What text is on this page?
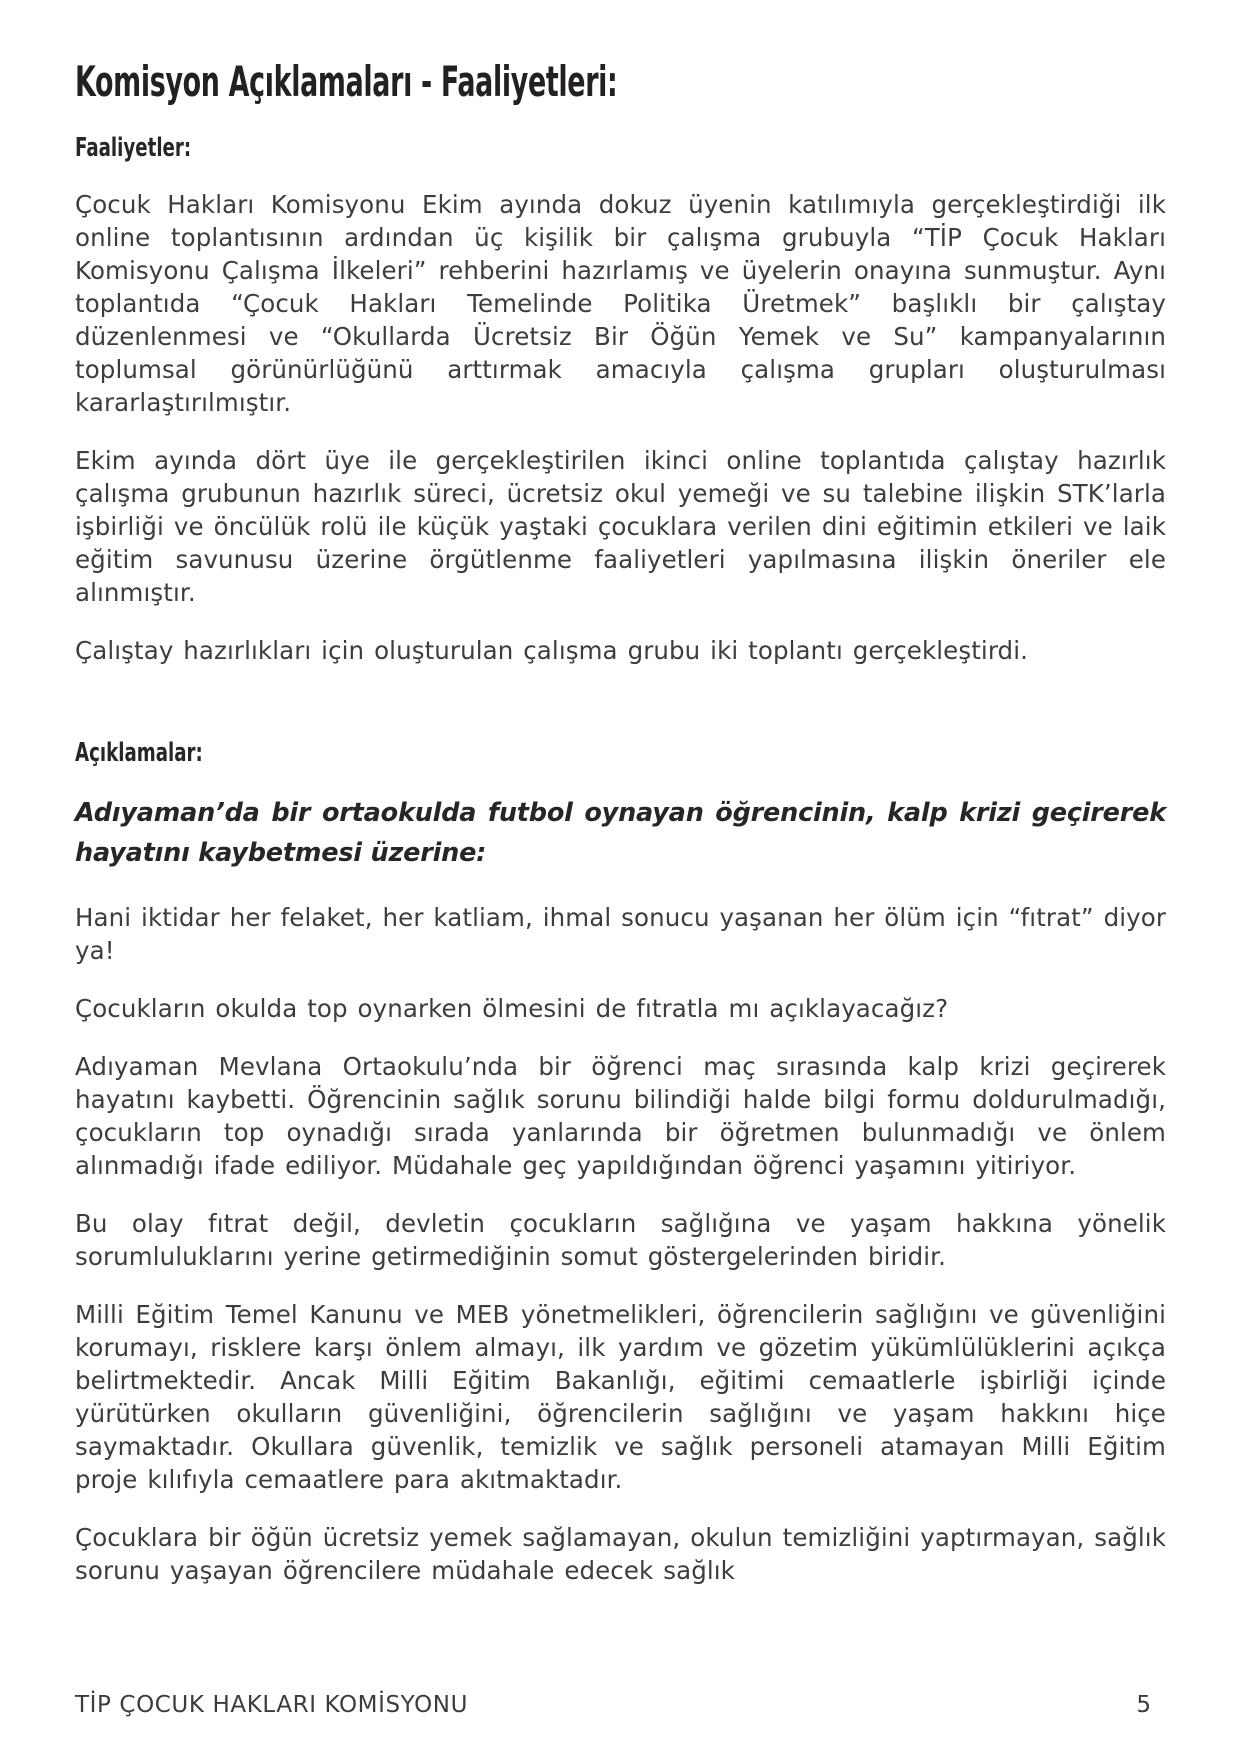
Komisyon Açıklamaları - Faaliyetleri:
Faaliyetler:

Çocuk Hakları Komisyonu Ekim ayında dokuz üyenin katılımıyla gerçekleştirdiği ilk online toplantısının ardından üç kişilik bir çalışma grubuyla “TİP Çocuk Hakları Komisyonu Çalışma İlkeleri” rehberini hazırlamış ve üyelerin onayına sunmuştur. Aynı toplantıda “Çocuk Hakları Temelinde Politika Üretmek” başlıklı bir çalıştay düzenlenmesi ve “Okullarda Ücretsiz Bir Öğün Yemek ve Su” kampanyalarının toplumsal görünürlüğünü arttırmak amacıyla çalışma grupları oluşturulması kararlaştırılmıştır.

Ekim ayında dört üye ile gerçekleştirilen ikinci online toplantıda çalıştay hazırlık çalışma grubunun hazırlık süreci, ücretsiz okul yemeği ve su talebine ilişkin STK’larla işbirliği ve öncülük rolü ile küçük yaştaki çocuklara verilen dini eğitimin etkileri ve laik eğitim savunusu üzerine örgütlenme faaliyetleri yapılmasına ilişkin öneriler ele alınmıştır.

Çalıştay hazırlıkları için oluşturulan çalışma grubu iki toplantı gerçekleştirdi.

Açıklamalar:
Adıyaman’da bir ortaokulda futbol oynayan öğrencinin, kalp krizi geçirerek hayatını kaybetmesi üzerine:

Hani iktidar her felaket, her katliam, ihmal sonucu yaşanan her ölüm için “fıtrat” diyor ya!

Çocukların okulda top oynarken ölmesini de fıtratla mı açıklayacağız?

Adıyaman Mevlana Ortaokulu’nda bir öğrenci maç sırasında kalp krizi geçirerek hayatını kaybetti. Öğrencinin sağlık sorunu bilindiği halde bilgi formu doldurulmadığı, çocukların top oynadığı sırada yanlarında bir öğretmen bulunmadığı ve önlem alınmadığı ifade ediliyor. Müdahale geç yapıldığından öğrenci yaşamını yitiriyor.

Bu olay fıtrat değil, devletin çocukların sağlığına ve yaşam hakkına yönelik sorumluluklarını yerine getirmediğinin somut göstergelerinden biridir.

Milli Eğitim Temel Kanunu ve MEB yönetmelikleri, öğrencilerin sağlığını ve güvenliğini korumayı, risklere karşı önlem almayı, ilk yardım ve gözetim yükümlülüklerini açıkça belirtmektedir. Ancak Milli Eğitim Bakanlığı, eğitimi cemaatlerle işbirliği içinde yürütürken okulların güvenliğini, öğrencilerin sağlığını ve yaşam hakkını hiçe saymaktadır. Okullara güvenlik, temizlik ve sağlık personeli atamayan Milli Eğitim proje kılıfıyla cemaatlere para akıtmaktadır.

Çocuklara bir öğün ücretsiz yemek sağlamayan, okulun temizliğini yaptırmayan, sağlık sorunu yaşayan öğrencilere müdahale edecek sağlık

TİP ÇOCUK HAKLARI KOMİSYONU	5
